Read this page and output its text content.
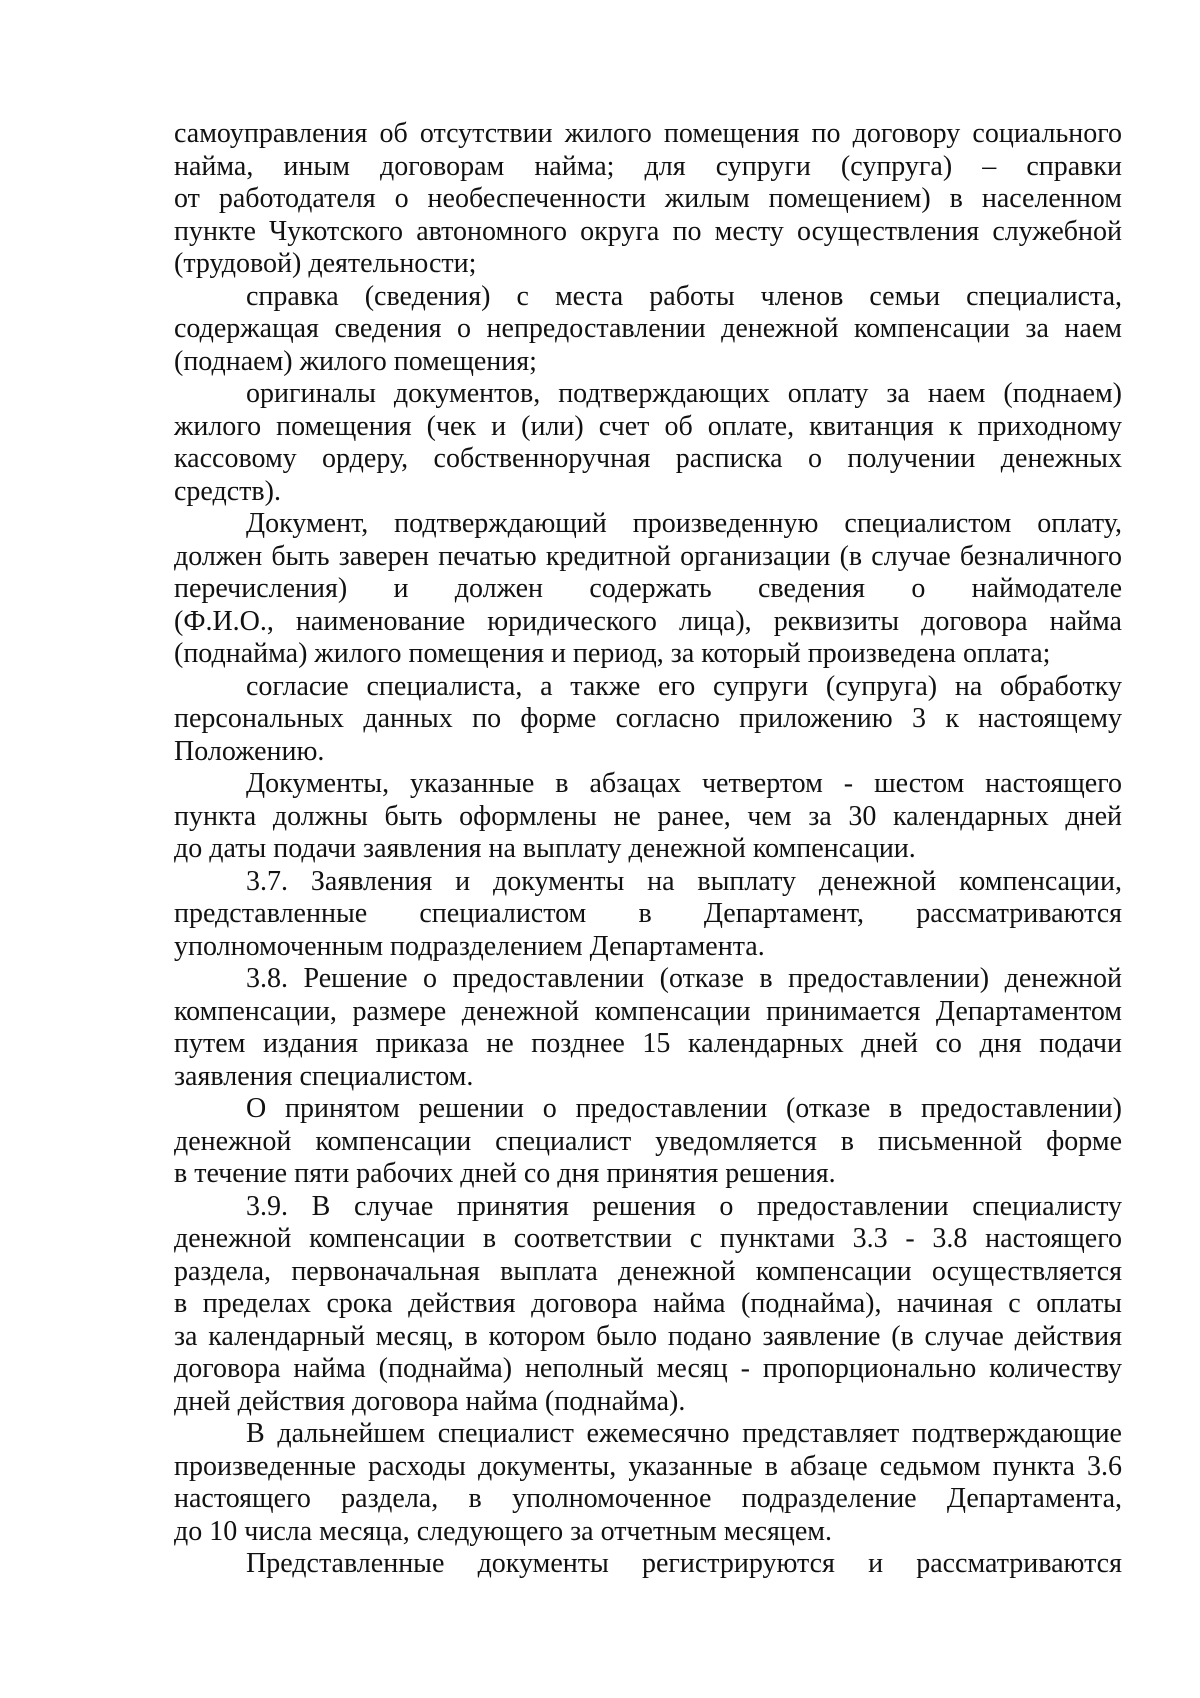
самоуправления об отсутствии жилого помещения по договору социального
найма, иным договорам найма; для супруги (супруга) – справки
от работодателя о необеспеченности жилым помещением) в населенном
пункте Чукотского автономного округа по месту осуществления служебной
(трудовой) деятельности;
справка (сведения) с места работы членов семьи специалиста,
содержащая сведения о непредоставлении денежной компенсации за наем
(поднаем) жилого помещения;
оригиналы документов, подтверждающих оплату за наем (поднаем)
жилого помещения (чек и (или) счет об оплате, квитанция к приходному
кассовому ордеру, собственноручная расписка о получении денежных
средств).
Документ, подтверждающий произведенную специалистом оплату,
должен быть заверен печатью кредитной организации (в случае безналичного
перечисления) и должен содержать сведения о наймодателе
(Ф.И.О., наименование юридического лица), реквизиты договора найма
(поднайма) жилого помещения и период, за который произведена оплата;
согласие специалиста, а также его супруги (супруга) на обработку
персональных данных по форме согласно приложению 3 к настоящему
Положению.
Документы, указанные в абзацах четвертом - шестом настоящего
пункта должны быть оформлены не ранее, чем за 30 календарных дней
до даты подачи заявления на выплату денежной компенсации.
3.7. Заявления и документы на выплату денежной компенсации,
представленные специалистом в Департамент, рассматриваются
уполномоченным подразделением Департамента.
3.8. Решение о предоставлении (отказе в предоставлении) денежной
компенсации, размере денежной компенсации принимается Департаментом
путем издания приказа не позднее 15 календарных дней со дня подачи
заявления специалистом.
О принятом решении о предоставлении (отказе в предоставлении)
денежной компенсации специалист уведомляется в письменной форме
в течение пяти рабочих дней со дня принятия решения.
3.9. В случае принятия решения о предоставлении специалисту
денежной компенсации в соответствии с пунктами 3.3 - 3.8 настоящего
раздела, первоначальная выплата денежной компенсации осуществляется
в пределах срока действия договора найма (поднайма), начиная с оплаты
за календарный месяц, в котором было подано заявление (в случае действия
договора найма (поднайма) неполный месяц - пропорционально количеству
дней действия договора найма (поднайма).
В дальнейшем специалист ежемесячно представляет подтверждающие
произведенные расходы документы, указанные в абзаце седьмом пункта 3.6
настоящего раздела, в уполномоченное подразделение Департамента,
до 10 числа месяца, следующего за отчетным месяцем.
Представленные документы регистрируются и рассматриваются
